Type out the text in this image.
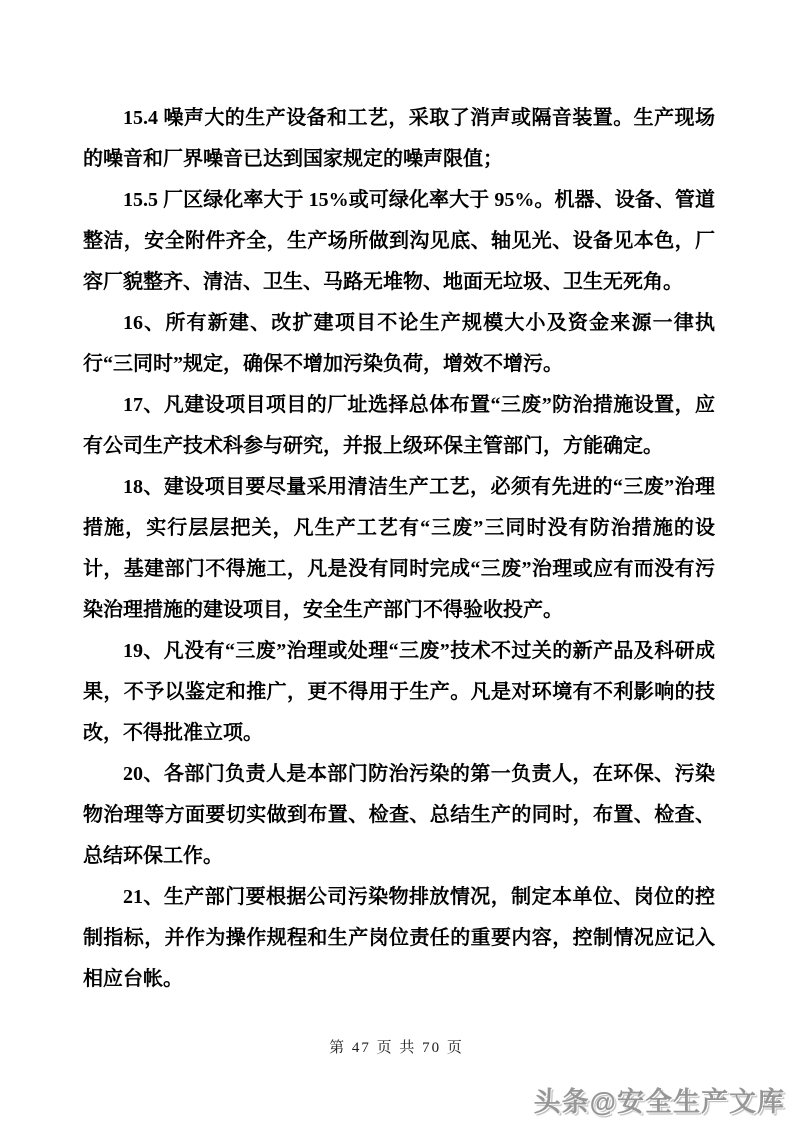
15.4 噪声大的生产设备和工艺，采取了消声或隔音装置。生产现场的噪音和厂界噪音已达到国家规定的噪声限值；

15.5 厂区绿化率大于 15%或可绿化率大于 95%。机器、设备、管道整洁，安全附件齐全，生产场所做到沟见底、轴见光、设备见本色，厂容厂貌整齐、清洁、卫生、马路无堆物、地面无垃圾、卫生无死角。

16、所有新建、改扩建项目不论生产规模大小及资金来源一律执行“三同时”规定，确保不增加污染负荷，增效不增污。

17、凡建设项目项目的厂址选择总体布置“三废”防治措施设置，应有公司生产技术科参与研究，并报上级环保主管部门，方能确定。

18、建设项目要尽量采用清洁生产工艺，必须有先进的“三废”治理措施，实行层层把关，凡生产工艺有“三废”三同时没有防治措施的设计，基建部门不得施工，凡是没有同时完成“三废”治理或应有而没有污染治理措施的建设项目，安全生产部门不得验收投产。

19、凡没有“三废”治理或处理“三废”技术不过关的新产品及科研成果，不予以鉴定和推广，更不得用于生产。凡是对环境有不利影响的技改，不得批准立项。

20、各部门负责人是本部门防治污染的第一负责人，在环保、污染物治理等方面要切实做到布置、检查、总结生产的同时，布置、检查、总结环保工作。

21、生产部门要根据公司污染物排放情况，制定本单位、岗位的控制指标，并作为操作规程和生产岗位责任的重要内容，控制情况应记入相应台帐。

第 47 页 共 70 页
头条@安全生产文库
